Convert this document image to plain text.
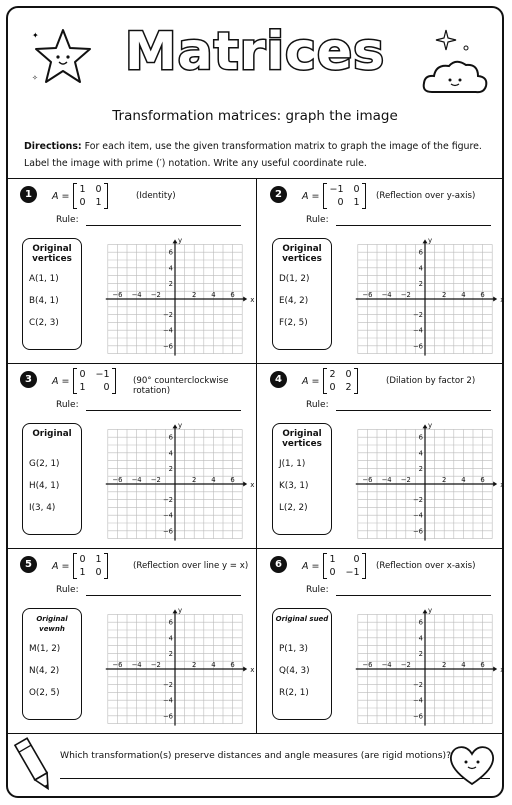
✦
✧	Matrices
Transformation matrices: graph the image
Directions: For each item, use the given transformation matrix to graph the image of the figure. Label the image with prime (′) notation. Write any useful coordinate rule.
1	A =
1 0
0 1
(Identity)
Rule:
Original vertices
A(1, 1)
B(4, 1)
C(2, 3)
−6 −4 −2	2 4 6
6
4
2
−2
−4
−6
x
y
2	A =
−1 0
0 1
(Reflection over y-axis)
Rule:
Original vertices
D(1, 2)
E(4, 2)
F(2, 5)
−6 −4 −2	2 4 6
6
4
2
−2
−4
−6
x
y
3	A =
0 −1
1	0
(90° counterclockwise rotation)
Rule:
Original
G(2, 1)
H(4, 1)
I(3, 4)
−6 −4 −2	2 4 6
6
4
2
−2
−4
−6
x
y
4	A =
2 0
0 2
(Dilation by factor 2)
Rule:
Original vertices
J(1, 1)
K(3, 1)
L(2, 2)
−6 −4 −2	2 4 6
6
4
2
−2
−4
−6
x
y
5	A =
0 1
1 0
(Reflection over line y = x)
Rule:
Original vewnh
M(1, 2)
N(4, 2)
O(2, 5)
−6 −4 −2	2 4 6
6
4
2
−2
−4
−6
x
y
6	A =
1	0
0 −1
(Reflection over x-axis)
Rule:
Original sued
P(1, 3)
Q(4, 3)
R(2, 1)
−6 −4 −2	2 4 6
6
4
2
−2
−4
−6
x
y
Which transformation(s) preserve distances and angle measures (are rigid motions)?
